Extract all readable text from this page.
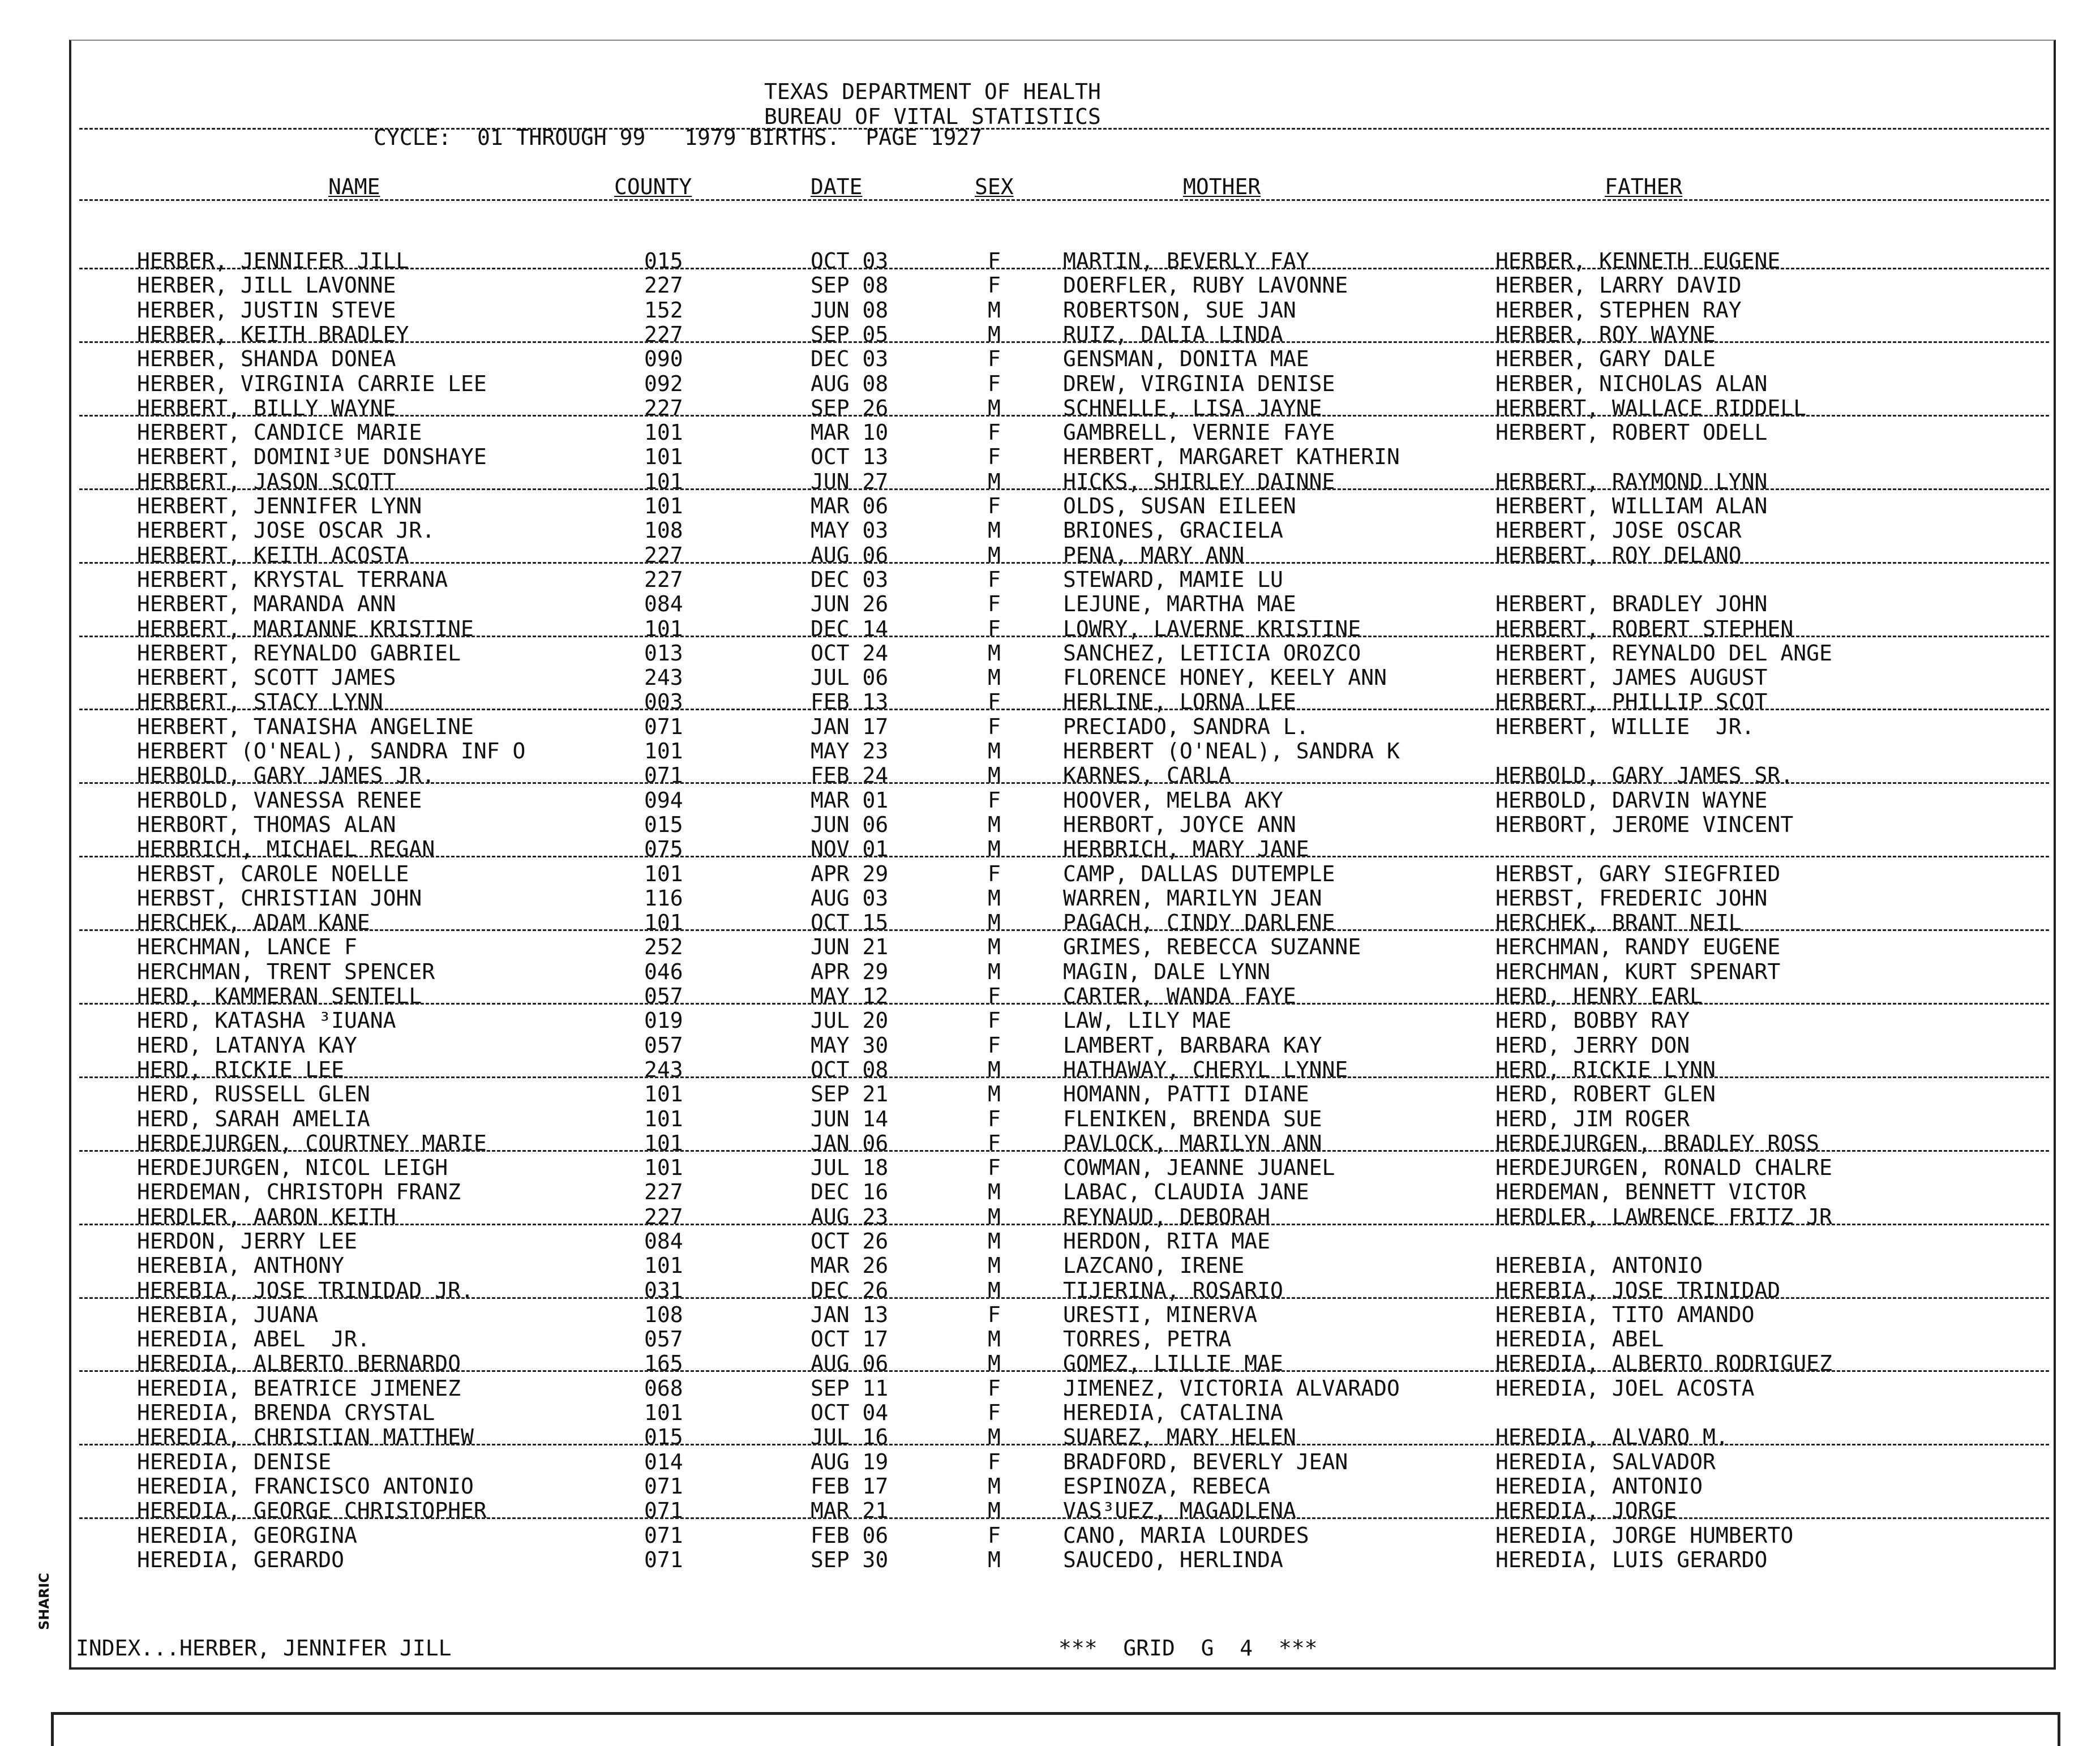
TEXAS DEPARTMENT OF HEALTH
BUREAU OF VITAL STATISTICS
CYCLE:  01 THROUGH 99   1979 BIRTHS.  PAGE 1927
NAME	COUNTY	DATE	SEX	MOTHER	FATHER
HERBER, JENNIFER JILL	015	OCT 03	F	MARTIN, BEVERLY FAY	HERBER, KENNETH EUGENE
HERBER, JILL LAVONNE	227	SEP 08	F	DOERFLER, RUBY LAVONNE	HERBER, LARRY DAVID
HERBER, JUSTIN STEVE	152	JUN 08	M	ROBERTSON, SUE JAN	HERBER, STEPHEN RAY
HERBER, KEITH BRADLEY	227	SEP 05	M	RUIZ, DALIA LINDA	HERBER, ROY WAYNE
HERBER, SHANDA DONEA	090	DEC 03	F	GENSMAN, DONITA MAE	HERBER, GARY DALE
HERBER, VIRGINIA CARRIE LEE	092	AUG 08	F	DREW, VIRGINIA DENISE	HERBER, NICHOLAS ALAN
HERBERT, BILLY WAYNE	227	SEP 26	M	SCHNELLE, LISA JAYNE	HERBERT, WALLACE RIDDELL
HERBERT, CANDICE MARIE	101	MAR 10	F	GAMBRELL, VERNIE FAYE	HERBERT, ROBERT ODELL
HERBERT, DOMINI³UE DONSHAYE	101	OCT 13	F	HERBERT, MARGARET KATHERIN
HERBERT, JASON SCOTT	101	JUN 27	M	HICKS, SHIRLEY DAINNE	HERBERT, RAYMOND LYNN
HERBERT, JENNIFER LYNN	101	MAR 06	F	OLDS, SUSAN EILEEN	HERBERT, WILLIAM ALAN
HERBERT, JOSE OSCAR JR.	108	MAY 03	M	BRIONES, GRACIELA	HERBERT, JOSE OSCAR
HERBERT, KEITH ACOSTA	227	AUG 06	M	PENA, MARY ANN	HERBERT, ROY DELANO
HERBERT, KRYSTAL TERRANA	227	DEC 03	F	STEWARD, MAMIE LU
HERBERT, MARANDA ANN	084	JUN 26	F	LEJUNE, MARTHA MAE	HERBERT, BRADLEY JOHN
HERBERT, MARIANNE KRISTINE	101	DEC 14	F	LOWRY, LAVERNE KRISTINE	HERBERT, ROBERT STEPHEN
HERBERT, REYNALDO GABRIEL	013	OCT 24	M	SANCHEZ, LETICIA OROZCO	HERBERT, REYNALDO DEL ANGE
HERBERT, SCOTT JAMES	243	JUL 06	M	FLORENCE HONEY, KEELY ANN	HERBERT, JAMES AUGUST
HERBERT, STACY LYNN	003	FEB 13	F	HERLINE, LORNA LEE	HERBERT, PHILLIP SCOT
HERBERT, TANAISHA ANGELINE	071	JAN 17	F	PRECIADO, SANDRA L.	HERBERT, WILLIE  JR.
HERBERT (O'NEAL), SANDRA INF O	101	MAY 23	M	HERBERT (O'NEAL), SANDRA K
HERBOLD, GARY JAMES JR.	071	FEB 24	M	KARNES, CARLA	HERBOLD, GARY JAMES SR.
HERBOLD, VANESSA RENEE	094	MAR 01	F	HOOVER, MELBA AKY	HERBOLD, DARVIN WAYNE
HERBORT, THOMAS ALAN	015	JUN 06	M	HERBORT, JOYCE ANN	HERBORT, JEROME VINCENT
HERBRICH, MICHAEL REGAN	075	NOV 01	M	HERBRICH, MARY JANE
HERBST, CAROLE NOELLE	101	APR 29	F	CAMP, DALLAS DUTEMPLE	HERBST, GARY SIEGFRIED
HERBST, CHRISTIAN JOHN	116	AUG 03	M	WARREN, MARILYN JEAN	HERBST, FREDERIC JOHN
HERCHEK, ADAM KANE	101	OCT 15	M	PAGACH, CINDY DARLENE	HERCHEK, BRANT NEIL
HERCHMAN, LANCE F	252	JUN 21	M	GRIMES, REBECCA SUZANNE	HERCHMAN, RANDY EUGENE
HERCHMAN, TRENT SPENCER	046	APR 29	M	MAGIN, DALE LYNN	HERCHMAN, KURT SPENART
HERD, KAMMERAN SENTELL	057	MAY 12	F	CARTER, WANDA FAYE	HERD, HENRY EARL
HERD, KATASHA ³IUANA	019	JUL 20	F	LAW, LILY MAE	HERD, BOBBY RAY
HERD, LATANYA KAY	057	MAY 30	F	LAMBERT, BARBARA KAY	HERD, JERRY DON
HERD, RICKIE LEE	243	OCT 08	M	HATHAWAY, CHERYL LYNNE	HERD, RICKIE LYNN
HERD, RUSSELL GLEN	101	SEP 21	M	HOMANN, PATTI DIANE	HERD, ROBERT GLEN
HERD, SARAH AMELIA	101	JUN 14	F	FLENIKEN, BRENDA SUE	HERD, JIM ROGER
HERDEJURGEN, COURTNEY MARIE	101	JAN 06	F	PAVLOCK, MARILYN ANN	HERDEJURGEN, BRADLEY ROSS
HERDEJURGEN, NICOL LEIGH	101	JUL 18	F	COWMAN, JEANNE JUANEL	HERDEJURGEN, RONALD CHALRE
HERDEMAN, CHRISTOPH FRANZ	227	DEC 16	M	LABAC, CLAUDIA JANE	HERDEMAN, BENNETT VICTOR
HERDLER, AARON KEITH	227	AUG 23	M	REYNAUD, DEBORAH	HERDLER, LAWRENCE FRITZ JR
HERDON, JERRY LEE	084	OCT 26	M	HERDON, RITA MAE
HEREBIA, ANTHONY	101	MAR 26	M	LAZCANO, IRENE	HEREBIA, ANTONIO
HEREBIA, JOSE TRINIDAD JR.	031	DEC 26	M	TIJERINA, ROSARIO	HEREBIA, JOSE TRINIDAD
HEREBIA, JUANA	108	JAN 13	F	URESTI, MINERVA	HEREBIA, TITO AMANDO
HEREDIA, ABEL  JR.	057	OCT 17	M	TORRES, PETRA	HEREDIA, ABEL
HEREDIA, ALBERTO BERNARDO	165	AUG 06	M	GOMEZ, LILLIE MAE	HEREDIA, ALBERTO RODRIGUEZ
HEREDIA, BEATRICE JIMENEZ	068	SEP 11	F	JIMENEZ, VICTORIA ALVARADO	HEREDIA, JOEL ACOSTA
HEREDIA, BRENDA CRYSTAL	101	OCT 04	F	HEREDIA, CATALINA
HEREDIA, CHRISTIAN MATTHEW	015	JUL 16	M	SUAREZ, MARY HELEN	HEREDIA, ALVARO M.
HEREDIA, DENISE	014	AUG 19	F	BRADFORD, BEVERLY JEAN	HEREDIA, SALVADOR
HEREDIA, FRANCISCO ANTONIO	071	FEB 17	M	ESPINOZA, REBECA	HEREDIA, ANTONIO
HEREDIA, GEORGE CHRISTOPHER	071	MAR 21	M	VAS³UEZ, MAGADLENA	HEREDIA, JORGE
HEREDIA, GEORGINA	071	FEB 06	F	CANO, MARIA LOURDES	HEREDIA, JORGE HUMBERTO
HEREDIA, GERARDO	071	SEP 30	M	SAUCEDO, HERLINDA	HEREDIA, LUIS GERARDO
INDEX...HERBER, JENNIFER JILL	***  GRID  G  4  ***
SHARIC
